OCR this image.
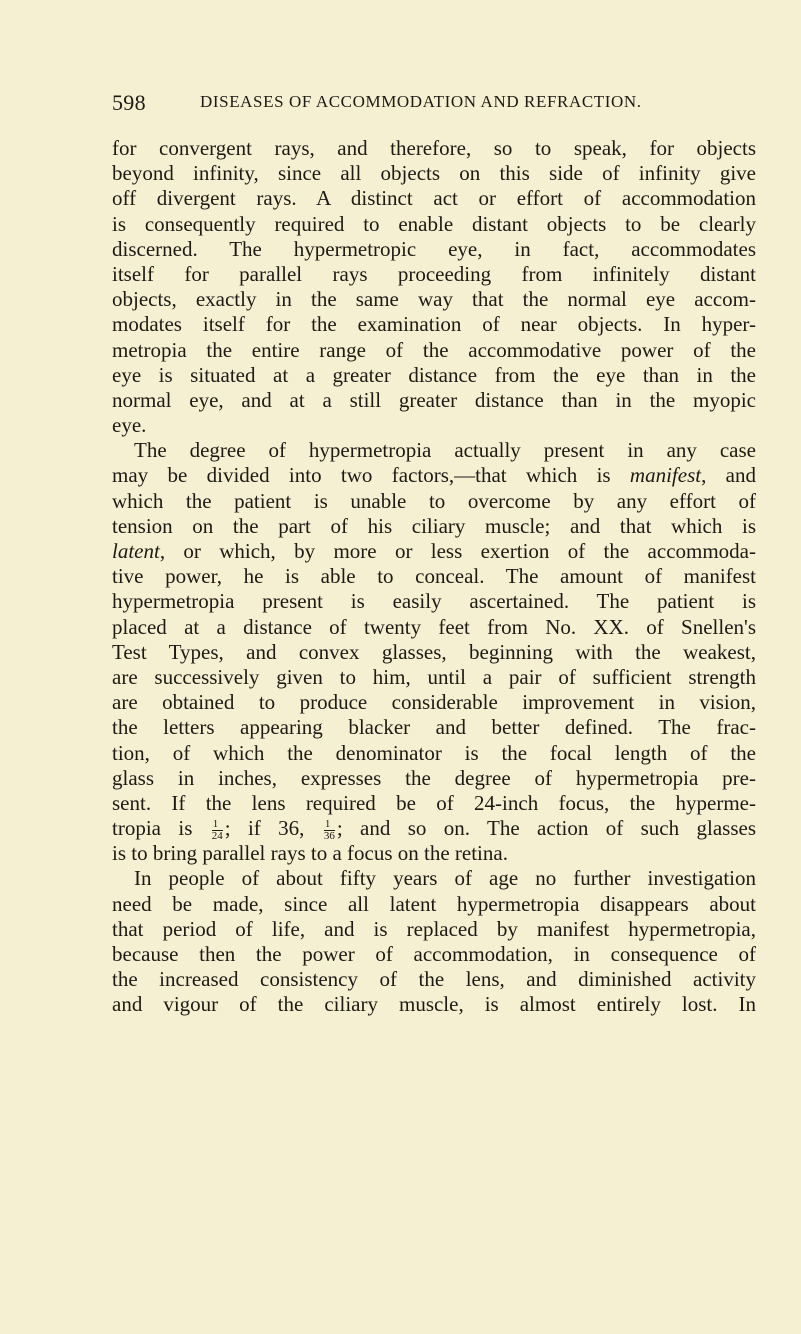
598	DISEASES OF ACCOMMODATION AND REFRACTION.
for convergent rays, and therefore, so to speak, for objects
beyond infinity, since all objects on this side of infinity give
off divergent rays. A distinct act or effort of accommodation
is consequently required to enable distant objects to be clearly
discerned. The hypermetropic eye, in fact, accommodates
itself for parallel rays proceeding from infinitely distant
objects, exactly in the same way that the normal eye accom-
modates itself for the examination of near objects. In hyper-
metropia the entire range of the accommodative power of the
eye is situated at a greater distance from the eye than in the
normal eye, and at a still greater distance than in the myopic
eye.
The degree of hypermetropia actually present in any case
may be divided into two factors,—that which is manifest, and
which the patient is unable to overcome by any effort of
tension on the part of his ciliary muscle; and that which is
latent, or which, by more or less exertion of the accommoda-
tive power, he is able to conceal. The amount of manifest
hypermetropia present is easily ascertained. The patient is
placed at a distance of twenty feet from No. XX. of Snellen's
Test Types, and convex glasses, beginning with the weakest,
are successively given to him, until a pair of sufficient strength
are obtained to produce considerable improvement in vision,
the letters appearing blacker and better defined. The frac-
tion, of which the denominator is the focal length of the
glass in inches, expresses the degree of hypermetropia pre-
sent. If the lens required be of 24-inch focus, the hyperme-
tropia is $\frac{1}{24}$ ; if 36, $\frac{1}{36}$ ; and so on. The action of such glasses
is to bring parallel rays to a focus on the retina.
In people of about fifty years of age no further investigation
need be made, since all latent hypermetropia disappears about
that period of life, and is replaced by manifest hypermetropia,
because then the power of accommodation, in consequence of
the increased consistency of the lens, and diminished activity
and vigour of the ciliary muscle, is almost entirely lost. In
